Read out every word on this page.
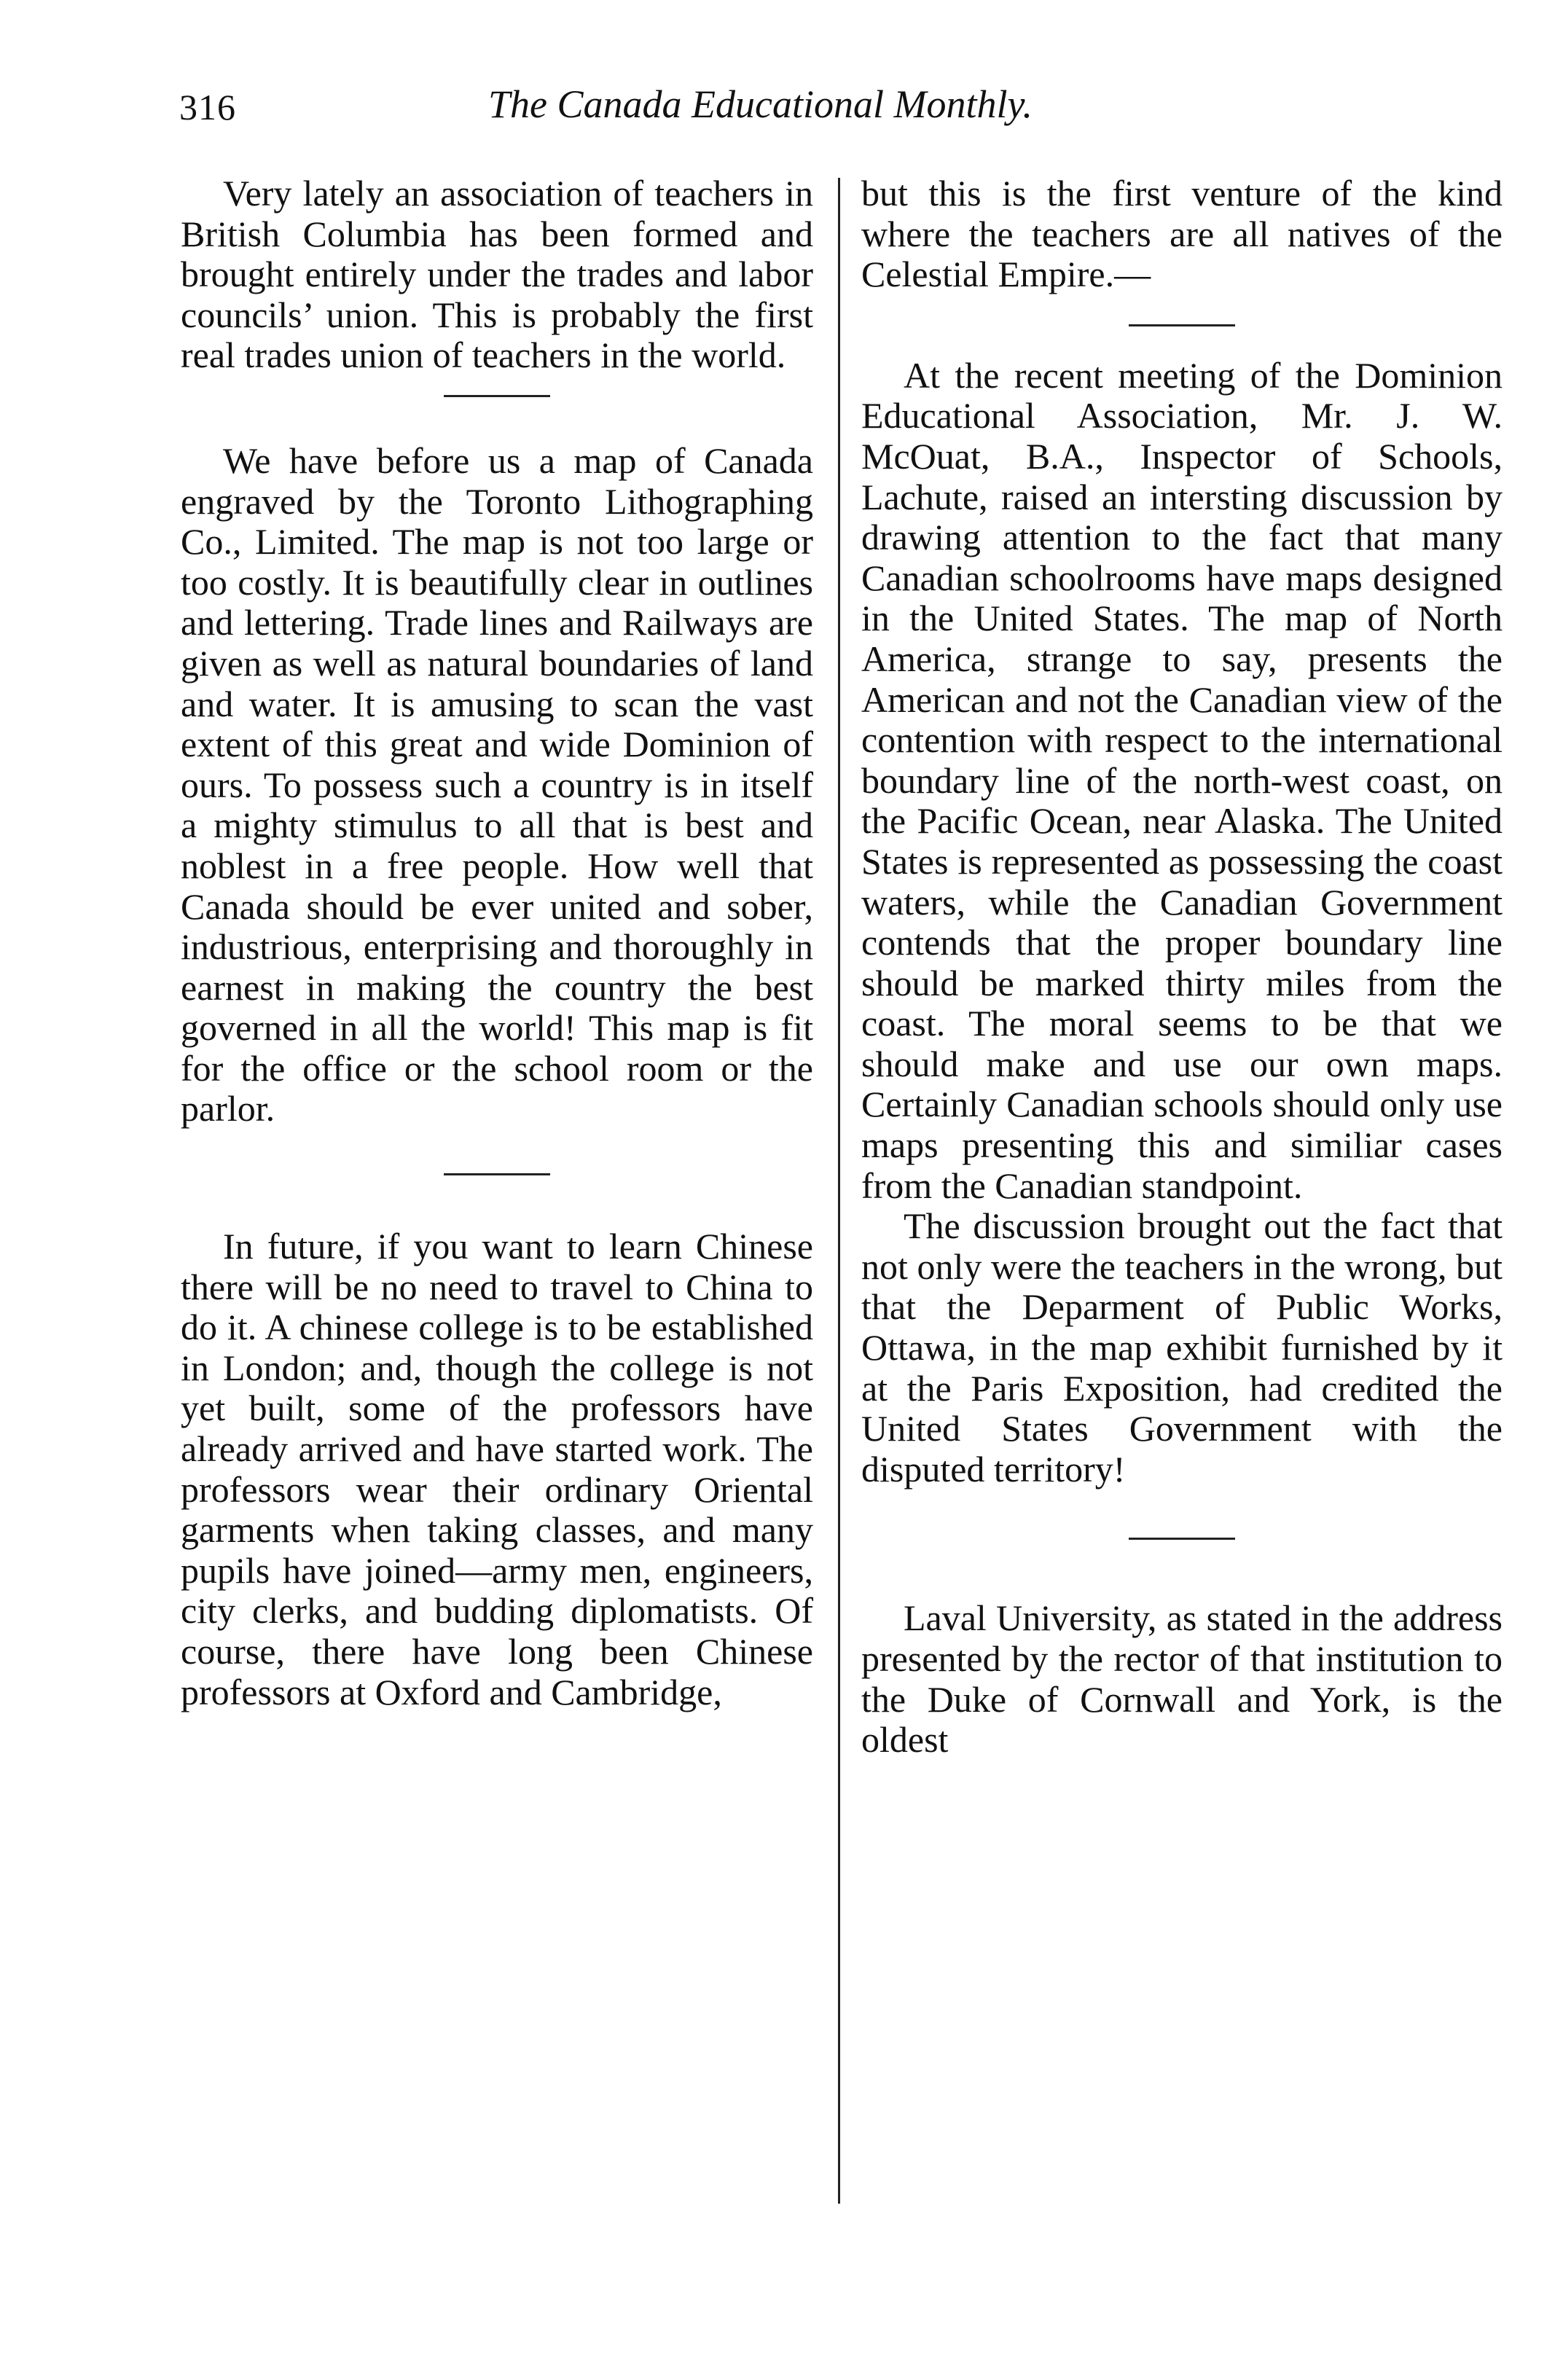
316	The Canada Educational Monthly.

Very lately an association of teachers in British Columbia has been formed and brought entirely under the trades and labor councils’ union. This is probably the first real trades union of teachers in the world.

We have before us a map of Canada engraved by the Toronto Lithographing Co., Limited. The map is not too large or too costly. It is beautifully clear in outlines and lettering. Trade lines and Railways are given as well as natural boundaries of land and water. It is amusing to scan the vast extent of this great and wide Dominion of ours. To possess such a country is in itself a mighty stimulus to all that is best and noblest in a free people. How well that Canada should be ever united and sober, industrious, enterprising and thoroughly in earnest in making the country the best governed in all the world! This map is fit for the office or the school room or the parlor.

In future, if you want to learn Chinese there will be no need to travel to China to do it. A chinese college is to be established in London; and, though the college is not yet built, some of the professors have already arrived and have started work. The professors wear their ordinary Oriental garments when taking classes, and many pupils have joined—army men, engineers, city clerks, and budding diplomatists. Of course, there have long been Chinese professors at Oxford and Cambridge,

but this is the first venture of the kind where the teachers are all natives of the Celestial Empire.—

At the recent meeting of the Dominion Educational Association, Mr. J. W. McOuat, B.A., Inspector of Schools, Lachute, raised an intersting discussion by drawing attention to the fact that many Canadian schoolrooms have maps designed in the United States. The map of North America, strange to say, presents the American and not the Canadian view of the contention with respect to the international boundary line of the north-west coast, on the Pacific Ocean, near Alaska. The United States is represented as possessing the coast waters, while the Canadian Government contends that the proper boundary line should be marked thirty miles from the coast. The moral seems to be that we should make and use our own maps. Certainly Canadian schools should only use maps presenting this and similiar cases from the Canadian standpoint.

The discussion brought out the fact that not only were the teachers in the wrong, but that the Deparment of Public Works, Ottawa, in the map exhibit furnished by it at the Paris Exposition, had credited the United States Government with the disputed territory!

Laval University, as stated in the address presented by the rector of that institution to the Duke of Cornwall and York, is the oldest
